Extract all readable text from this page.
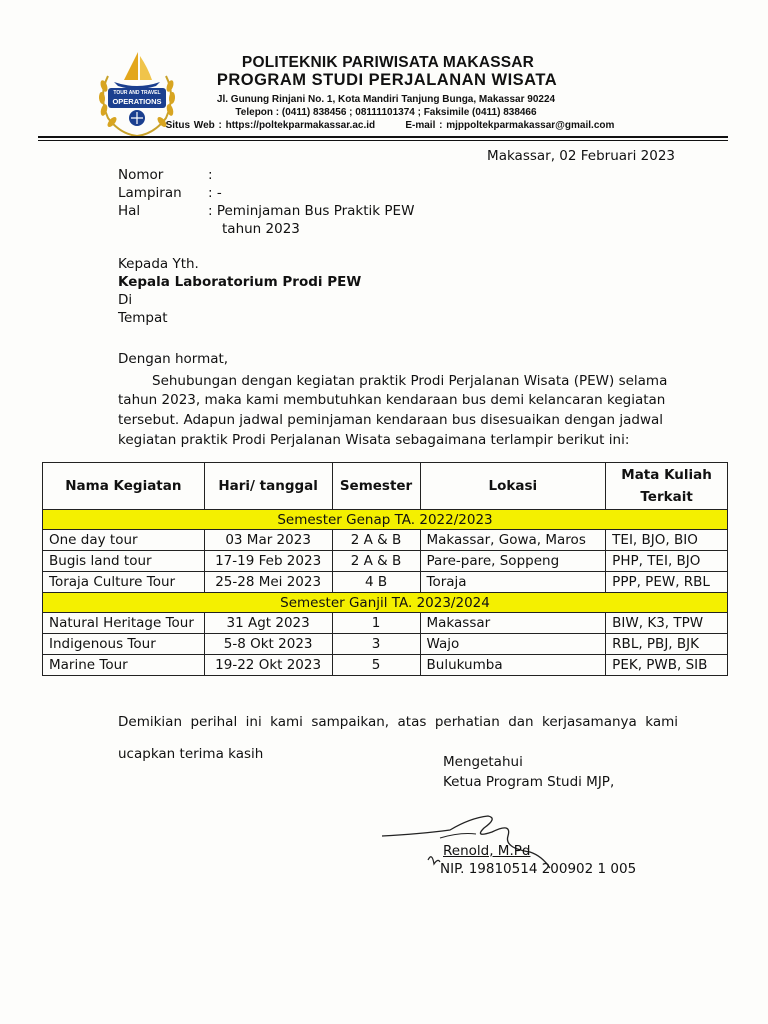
TOUR AND TRAVEL
OPERATIONS
POLITEKNIK PARIWISATA MAKASSAR
PROGRAM STUDI PERJALANAN WISATA
Jl. Gunung Rinjani No. 1, Kota Mandiri Tanjung Bunga, Makassar 90224
Telepon : (0411) 838456 ; 08111101374 ; Faksimile (0411) 838466
Situs Web : https://poltekparmakassar.ac.id        E-mail : mjppoltekparmakassar@gmail.com
Makassar, 02 Februari 2023
Nomor	:
Lampiran : -
Hal	: Peminjaman Bus Praktik PEW
tahun 2023
Kepada Yth.
Kepala Laboratorium Prodi PEW
Di
Tempat
Dengan hormat,
Sehubungan dengan kegiatan praktik Prodi Perjalanan Wisata (PEW) selama
tahun 2023, maka kami membutuhkan kendaraan bus demi kelancaran kegiatan
tersebut. Adapun jadwal peminjaman kendaraan bus disesuaikan dengan jadwal
kegiatan praktik Prodi Perjalanan Wisata sebagaimana terlampir berikut ini:
Nama Kegiatan	Hari/ tanggal	Semester	Lokasi	Mata Kuliah
Terkait
Semester Genap TA. 2022/2023				
One day tour	03 Mar 2023	2 A & B	Makassar, Gowa, Maros	TEI, BJO, BIO
Bugis land tour	17-19 Feb 2023	2 A & B	Pare-pare, Soppeng	PHP, TEI, BJO
Toraja Culture Tour	25-28 Mei 2023	4 B	Toraja	PPP, PEW, RBL
Semester Ganjil TA. 2023/2024				
Natural Heritage Tour	31 Agt 2023	1	Makassar	BIW, K3, TPW
Indigenous Tour	5-8 Okt 2023	3	Wajo	RBL, PBJ, BJK
Marine Tour	19-22 Okt 2023	5	Bulukumba	PEK, PWB, SIB
Demikian perihal ini kami sampaikan, atas perhatian dan kerjasamanya kami
ucapkan terima kasih	Mengetahui
Ketua Program Studi MJP,
Renold, M.Pd
NIP. 19810514 200902 1 005
